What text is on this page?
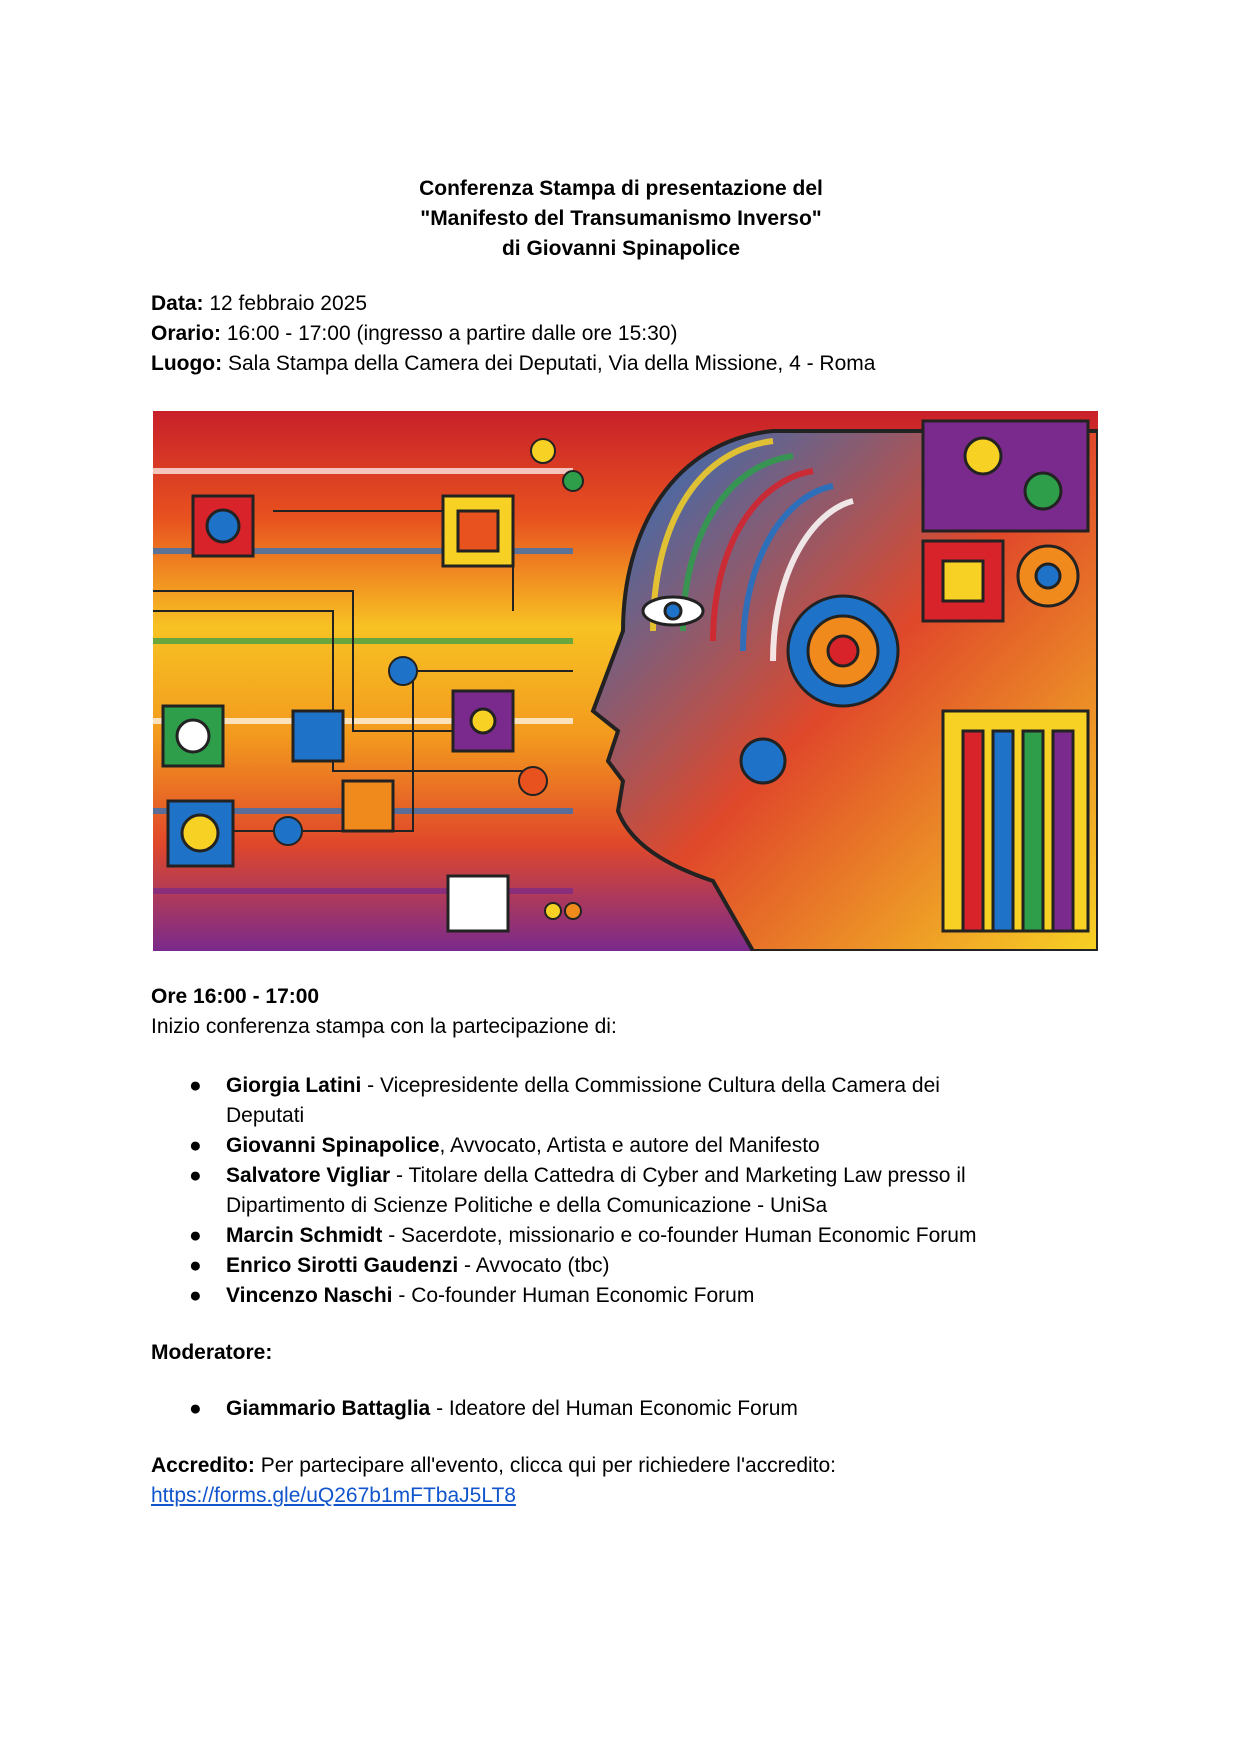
Conferenza Stampa di presentazione del
"Manifesto del Transumanismo Inverso"
di Giovanni Spinapolice
Data: 12 febbraio 2025
Orario: 16:00 - 17:00 (ingresso a partire dalle ore 15:30)
Luogo: Sala Stampa della Camera dei Deputati, Via della Missione, 4 - Roma
Ore 16:00 - 17:00
Inizio conferenza stampa con la partecipazione di:
● Giorgia Latini - Vicepresidente della Commissione Cultura della Camera dei
Deputati
● Giovanni Spinapolice, Avvocato, Artista e autore del Manifesto
● Salvatore Vigliar - Titolare della Cattedra di Cyber and Marketing Law presso il
Dipartimento di Scienze Politiche e della Comunicazione - UniSa
● Marcin Schmidt - Sacerdote, missionario e co-founder Human Economic Forum
● Enrico Sirotti Gaudenzi - Avvocato (tbc)
● Vincenzo Naschi - Co-founder Human Economic Forum
Moderatore:
● Giammario Battaglia - Ideatore del Human Economic Forum
Accredito: Per partecipare all'evento, clicca qui per richiedere l'accredito:
https://forms.gle/uQ267b1mFTbaJ5LT8
